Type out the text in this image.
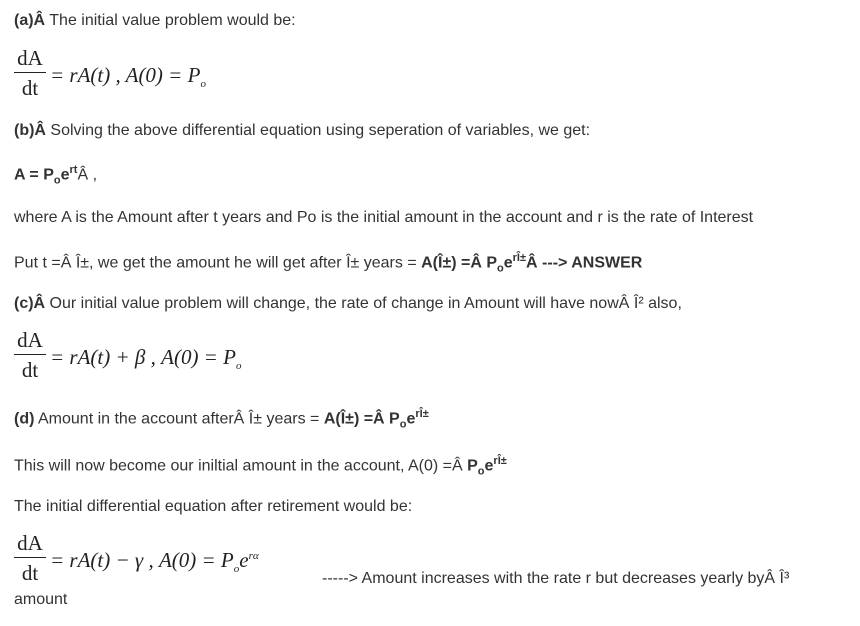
(a)Â The initial value problem would be:
dA
dt
= rA(t) , $A(0) = P_o$
(b)Â Solving the above differential equation using seperation of variables, we get:
$A = P_oe^{rt}Â$ ,
where A is the Amount after t years and Po is the initial amount in the account and r is the rate of Interest
Put t =Â Î±, we get the amount he will get after Î± years = A(Î±) =Â $P_oe^{rÎ\pm}Â$ ---> ANSWER
(c)Â Our initial value problem will change, the rate of change in Amount will have nowÂ Î² also,
dA
dt
= rA(t) + β , $A(0) = P_o$
(d) Amount in the account afterÂ Î± years = A(Î±) =Â $P_oe^{rÎ\pm}$
This will now become our iniltial amount in the account, A(0) =Â $P_oe^{rÎ\pm}$
The initial differential equation after retirement would be:
dA
dt
= rA(t) − γ , $A(0) = P_oe^{r\alpha}$
-----> Amount increases with the rate r but decreases yearly byÂ Î³
amount
